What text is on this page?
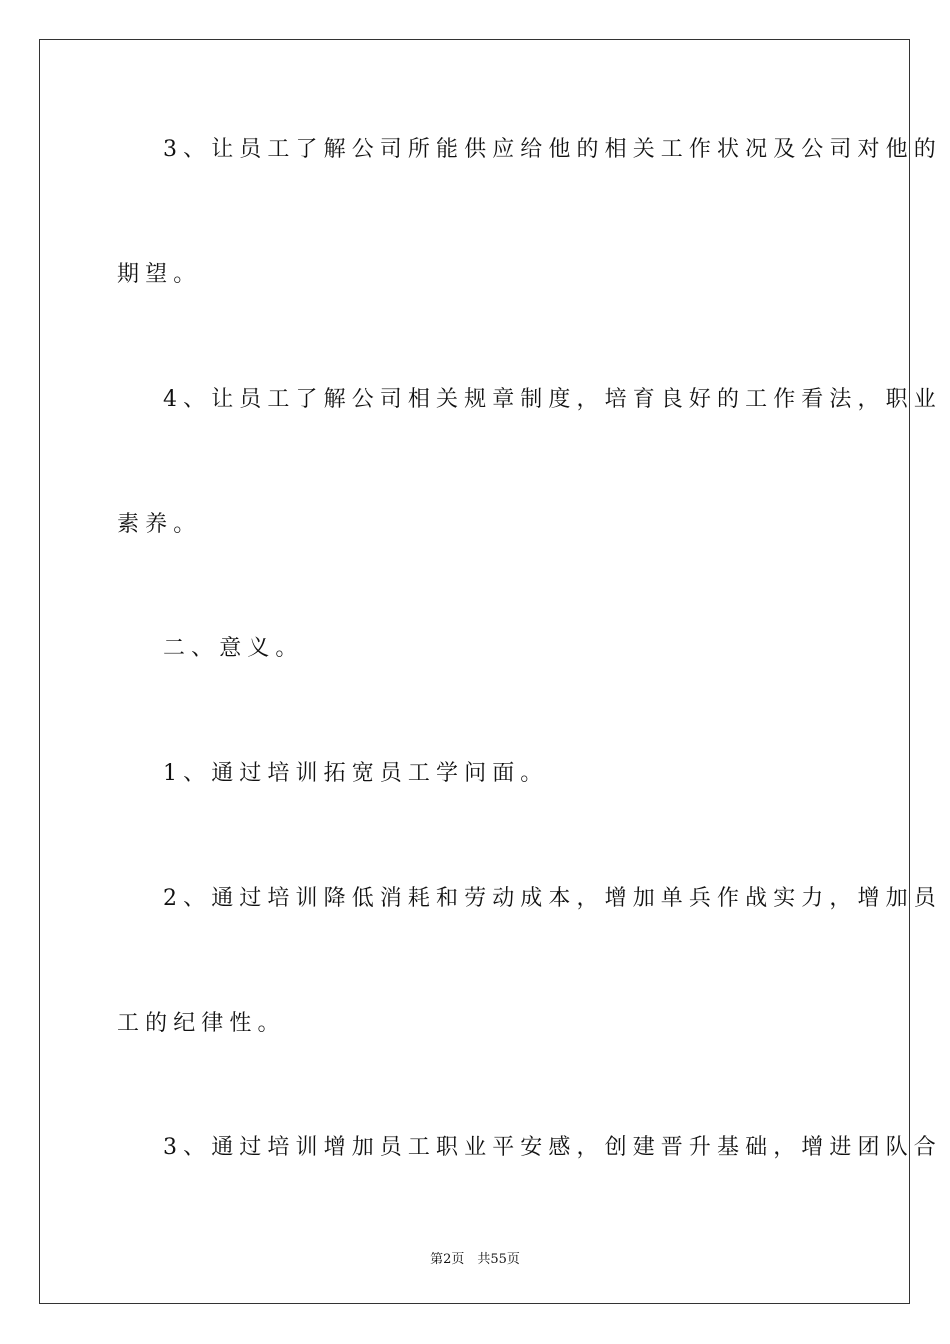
3、让员工了解公司所能供应给他的相关工作状况及公司对他的
期望。
4、让员工了解公司相关规章制度，培育良好的工作看法，职业
素养。
二、意义。
1、通过培训拓宽员工学问面。
2、通过培训降低消耗和劳动成本，增加单兵作战实力，增加员
工的纪律性。
3、通过培训增加员工职业平安感，创建晋升基础，增进团队合
第2页　共55页
